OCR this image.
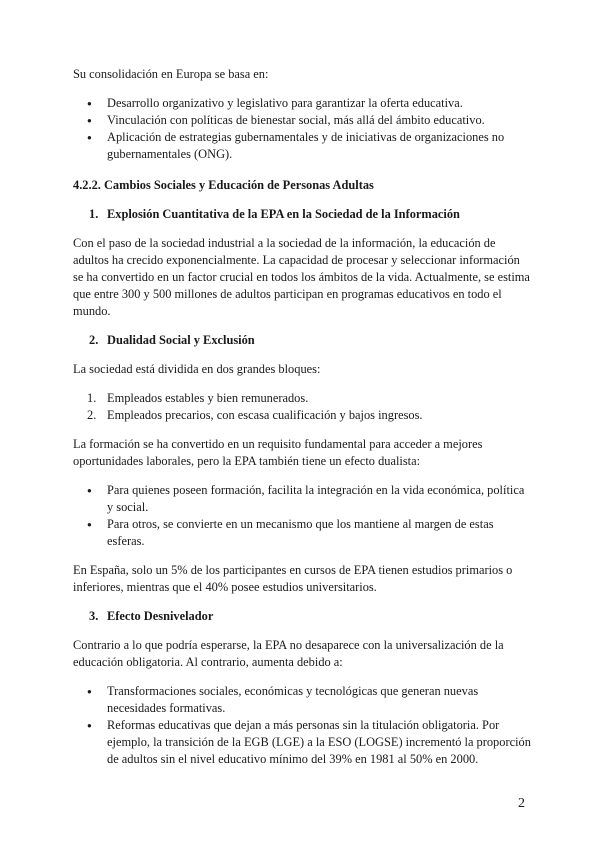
Su consolidación en Europa se basa en:

● Desarrollo organizativo y legislativo para garantizar la oferta educativa.
● Vinculación con políticas de bienestar social, más allá del ámbito educativo.
● Aplicación de estrategias gubernamentales y de iniciativas de organizaciones no gubernamentales (ONG).

4.2.2. Cambios Sociales y Educación de Personas Adultas

1. Explosión Cuantitativa de la EPA en la Sociedad de la Información

Con el paso de la sociedad industrial a la sociedad de la información, la educación de adultos ha crecido exponencialmente. La capacidad de procesar y seleccionar información se ha convertido en un factor crucial en todos los ámbitos de la vida. Actualmente, se estima que entre 300 y 500 millones de adultos participan en programas educativos en todo el mundo.

2. Dualidad Social y Exclusión

La sociedad está dividida en dos grandes bloques:

1. Empleados estables y bien remunerados.
2. Empleados precarios, con escasa cualificación y bajos ingresos.

La formación se ha convertido en un requisito fundamental para acceder a mejores oportunidades laborales, pero la EPA también tiene un efecto dualista:

● Para quienes poseen formación, facilita la integración en la vida económica, política y social.
● Para otros, se convierte en un mecanismo que los mantiene al margen de estas esferas.

En España, solo un 5% de los participantes en cursos de EPA tienen estudios primarios o inferiores, mientras que el 40% posee estudios universitarios.

3. Efecto Desnivelador

Contrario a lo que podría esperarse, la EPA no desaparece con la universalización de la educación obligatoria. Al contrario, aumenta debido a:

● Transformaciones sociales, económicas y tecnológicas que generan nuevas necesidades formativas.
● Reformas educativas que dejan a más personas sin la titulación obligatoria. Por ejemplo, la transición de la EGB (LGE) a la ESO (LOGSE) incrementó la proporción de adultos sin el nivel educativo mínimo del 39% en 1981 al 50% en 2000.
2
